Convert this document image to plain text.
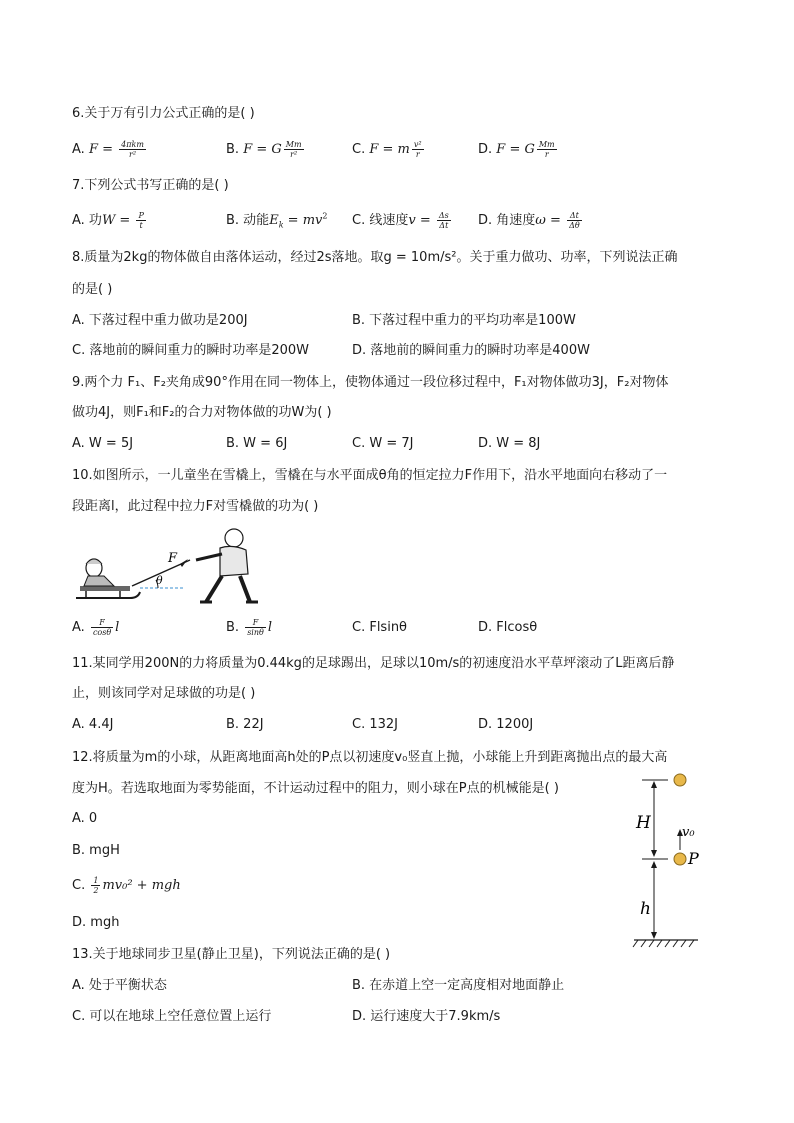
6.关于万有引力公式正确的是( )
A. $F = \frac{\text{4πkm}}{\text{r²}}$	B. F = G $\frac{Mm}{\text{r²}}$	C. F = m $\frac{\text{v²}}{r}$	D. F = G $\frac{Mm}{r}$
7.下列公式书写正确的是( )
A. 功$W = \frac{P}{t}$	B. 动能$E_k = mv^2$ C. 线速度$v = \frac{\Delta s}{\Delta t} D$. 角速度$\omega = \frac{\Delta t}{\Delta\theta}$
8.质量为2kg的物体做自由落体运动，经过2s落地。取g = 10m/s²。关于重力做功、功率，下列说法正确
的是( )
A. 下落过程中重力做功是200J	B. 下落过程中重力的平均功率是100W
C. 落地前的瞬间重力的瞬时功率是200W	D. 落地前的瞬间重力的瞬时功率是400W
9.两个力 F₁、F₂夹角成90°作用在同一物体上，使物体通过一段位移过程中，F₁对物体做功3J，F₂对物体
做功4J，则F₁和F₂的合力对物体做的功W为( )
A. W = 5J	B. W = 6J	C. W = 7J	D. W = 8J
10.如图所示，一儿童坐在雪橇上，雪橇在与水平面成θ角的恒定拉力F作用下，沿水平地面向右移动了一
段距离l，此过程中拉力F对雪橇做的功为( )
F
θ
A. $\frac{F}{\cos\theta}$ l	B. $\frac{F}{\sin\theta}$ l	C. Flsinθ	D. Flcosθ
11.某同学用200N的力将质量为0.44kg的足球踢出，足球以10m/s的初速度沿水平草坪滚动了L距离后静
止，则该同学对足球做的功是( )
A. 4.4J	B. 22J	C. 132J	D. 1200J
12.将质量为m的小球，从距离地面高h处的P点以初速度v₀竖直上抛，小球能上升到距离抛出点的最大高
度为H。若选取地面为零势能面，不计运动过程中的阻力，则小球在P点的机械能是( )
A. 0
B. mgH
C. $\frac{1}{2} mv_0^2$ + mgh
D. mgh
H v₀
P
h
13.关于地球同步卫星(静止卫星)，下列说法正确的是( )
A. 处于平衡状态	B. 在赤道上空一定高度相对地面静止
C. 可以在地球上空任意位置上运行	D. 运行速度大于7.9km/s
